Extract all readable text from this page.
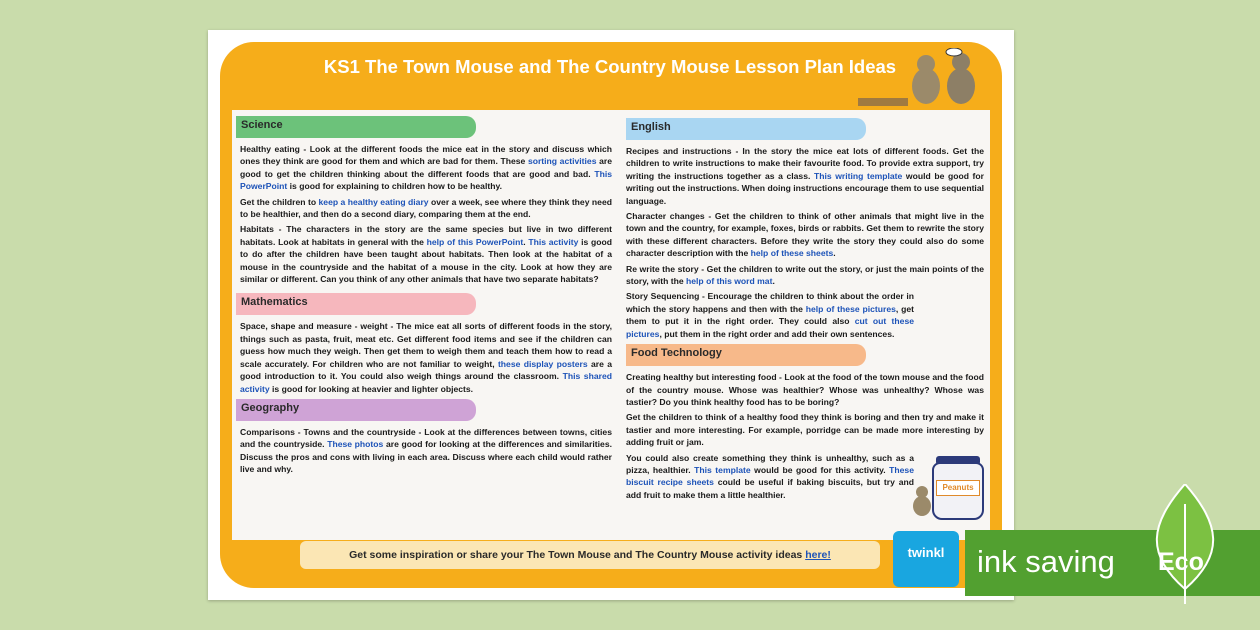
KS1 The Town Mouse and The Country Mouse Lesson Plan Ideas
Science
Healthy eating - Look at the different foods the mice eat in the story and discuss which ones they think are good for them and which are bad for them. These sorting activities are good to get the children thinking about the different foods that are good and bad. This PowerPoint is good for explaining to children how to be healthy.
Get the children to keep a healthy eating diary over a week, see where they think they need to be healthier, and then do a second diary, comparing them at the end.
Habitats - The characters in the story are the same species but live in two different habitats. Look at habitats in general with the help of this PowerPoint. This activity is good to do after the children have been taught about habitats. Then look at the habitat of a mouse in the countryside and the habitat of a mouse in the city. Look at how they are similar or different. Can you think of any other animals that have two separate habitats?
Mathematics
Space, shape and measure - weight - The mice eat all sorts of different foods in the story, things such as pasta, fruit, meat etc. Get different food items and see if the children can guess how much they weigh. Then get them to weigh them and teach them how to read a scale accurately. For children who are not familiar to weight, these display posters are a good introduction to it. You could also weigh things around the classroom. This shared activity is good for looking at heavier and lighter objects.
Geography
Comparisons - Towns and the countryside - Look at the differences between towns, cities and the countryside. These photos are good for looking at the differences and similarities. Discuss the pros and cons with living in each area. Discuss where each child would rather live and why.
English
Recipes and instructions - In the story the mice eat lots of different foods. Get the children to write instructions to make their favourite food. To provide extra support, try writing the instructions together as a class. This writing template would be good for writing out the instructions. When doing instructions encourage them to use sequential language.
Character changes - Get the children to think of other animals that might live in the town and the country, for example, foxes, birds or rabbits. Get them to rewrite the story with these different characters. Before they write the story they could also do some character description with the help of these sheets.
Re write the story - Get the children to write out the story, or just the main points of the story, with the help of this word mat.
Story Sequencing - Encourage the children to think about the order in which the story happens and then with the help of these pictures, get them to put it in the right order. They could also cut out these pictures, put them in the right order and add their own sentences.
Food Technology
Creating healthy but interesting food - Look at the food of the town mouse and the food of the country mouse. Whose was healthier? Whose was unhealthy? Whose was tastier? Do you think healthy food has to be boring?
Get the children to think of a healthy food they think is boring and then try and make it tastier and more interesting. For example, porridge can be made more interesting by adding fruit or jam.
You could also create something they think is unhealthy, such as a pizza, healthier. This template would be good for this activity. These biscuit recipe sheets could be useful if baking biscuits, but try and add fruit to make them a little healthier.
Peanuts
Get some inspiration or share your The Town Mouse and The Country Mouse activity ideas here!	twinkl	ink saving Eco
